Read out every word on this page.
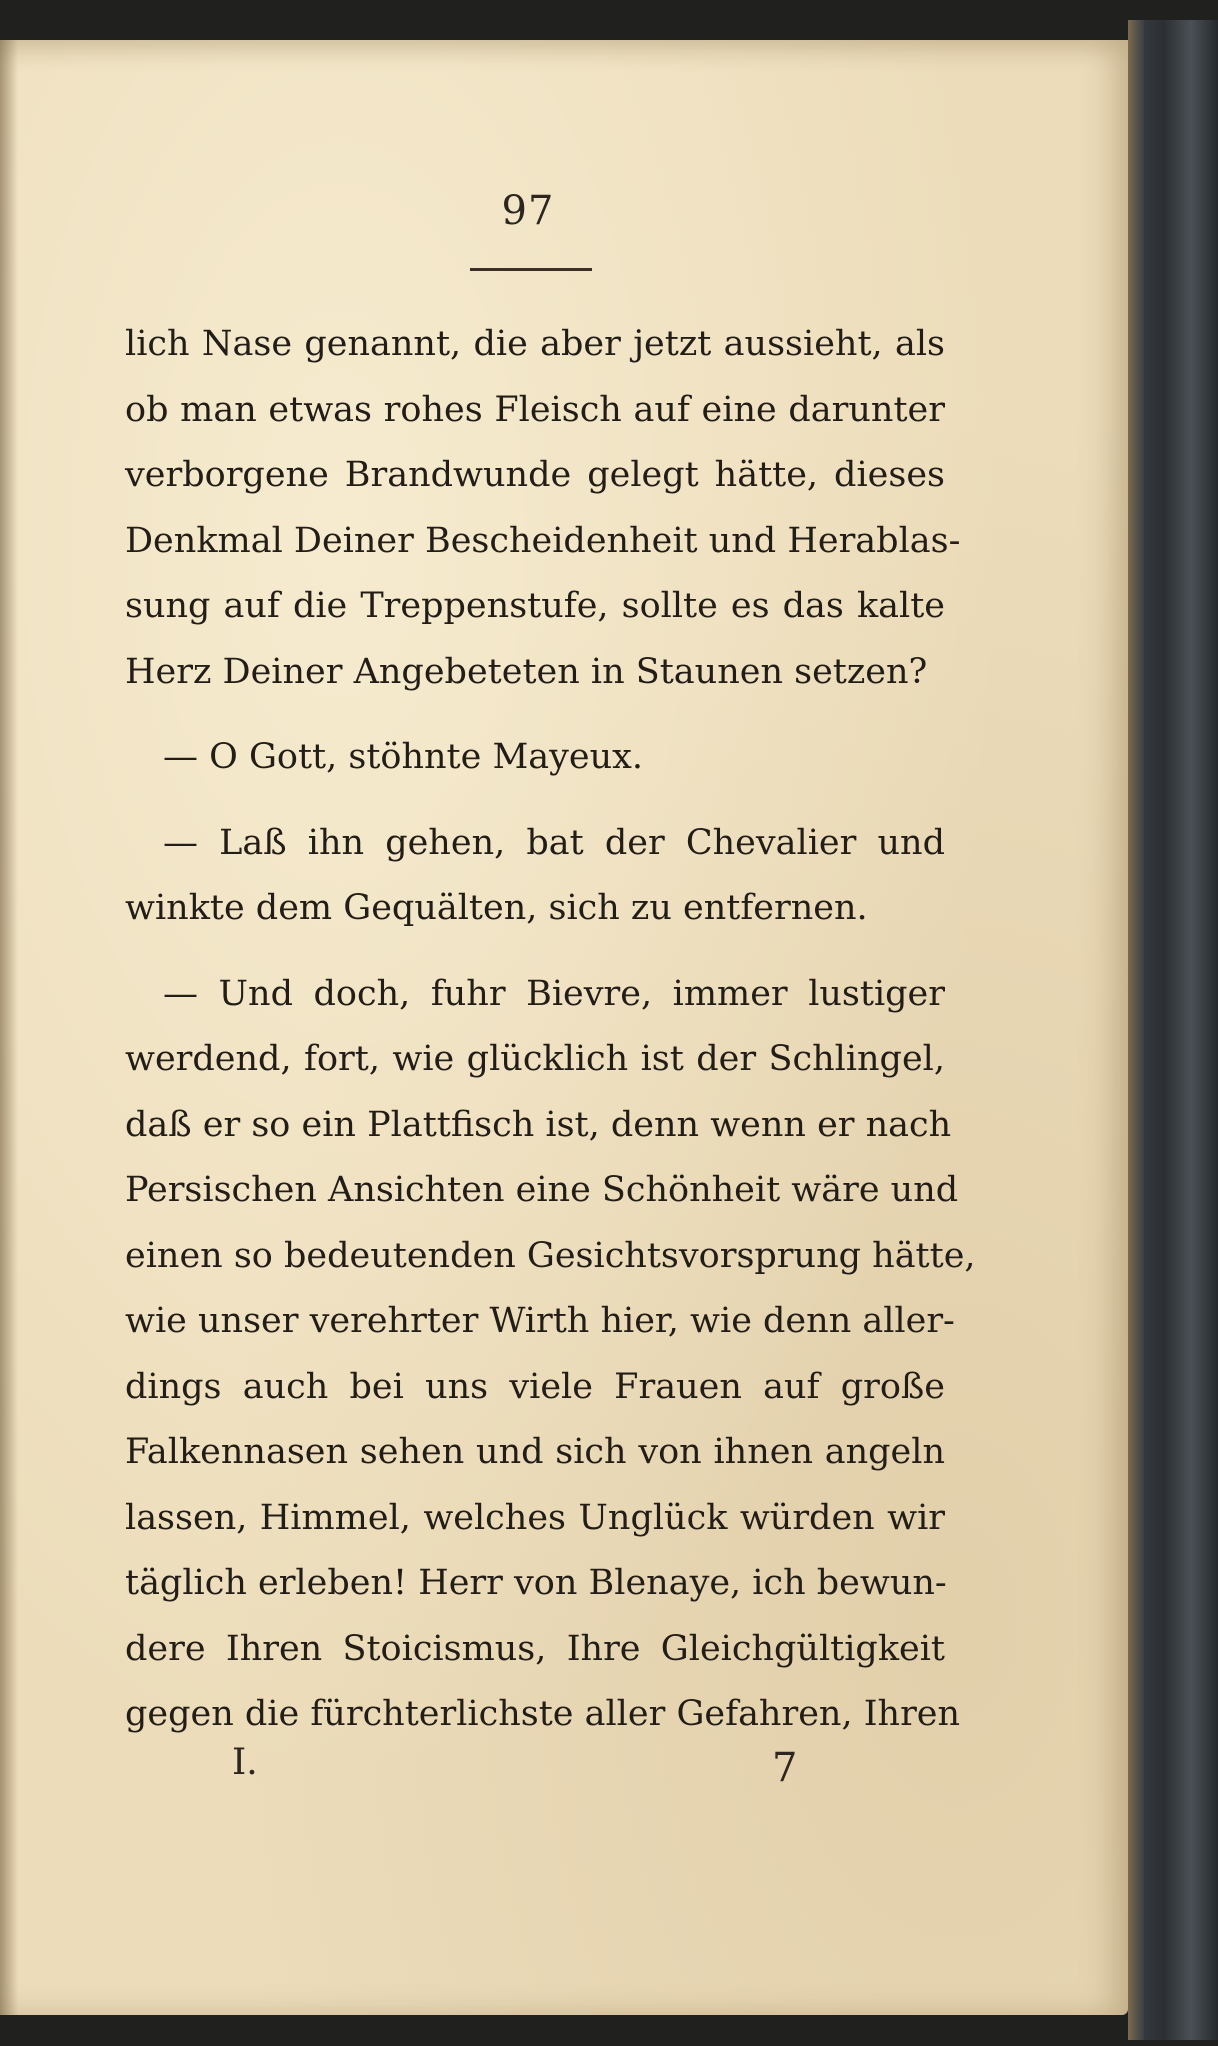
97
lich Nase genannt, die aber jetzt aussieht, als
ob man etwas rohes Fleisch auf eine darunter
verborgene Brandwunde gelegt hätte, dieses
Denkmal Deiner Bescheidenheit und Herablas-
sung auf die Treppenstufe, sollte es das kalte
Herz Deiner Angebeteten in Staunen setzen?
— O Gott, stöhnte Mayeux.
— Laß ihn gehen, bat der Chevalier und
winkte dem Gequälten, sich zu entfernen.
— Und doch, fuhr Bievre, immer lustiger
werdend, fort, wie glücklich ist der Schlingel,
daß er so ein Plattfisch ist, denn wenn er nach
Persischen Ansichten eine Schönheit wäre und
einen so bedeutenden Gesichtsvorsprung hätte,
wie unser verehrter Wirth hier, wie denn aller-
dings auch bei uns viele Frauen auf große
Falkennasen sehen und sich von ihnen angeln
lassen, Himmel, welches Unglück würden wir
täglich erleben! Herr von Blenaye, ich bewun-
dere Ihren Stoicismus, Ihre Gleichgültigkeit
gegen die fürchterlichste aller Gefahren, Ihren
I.	7
